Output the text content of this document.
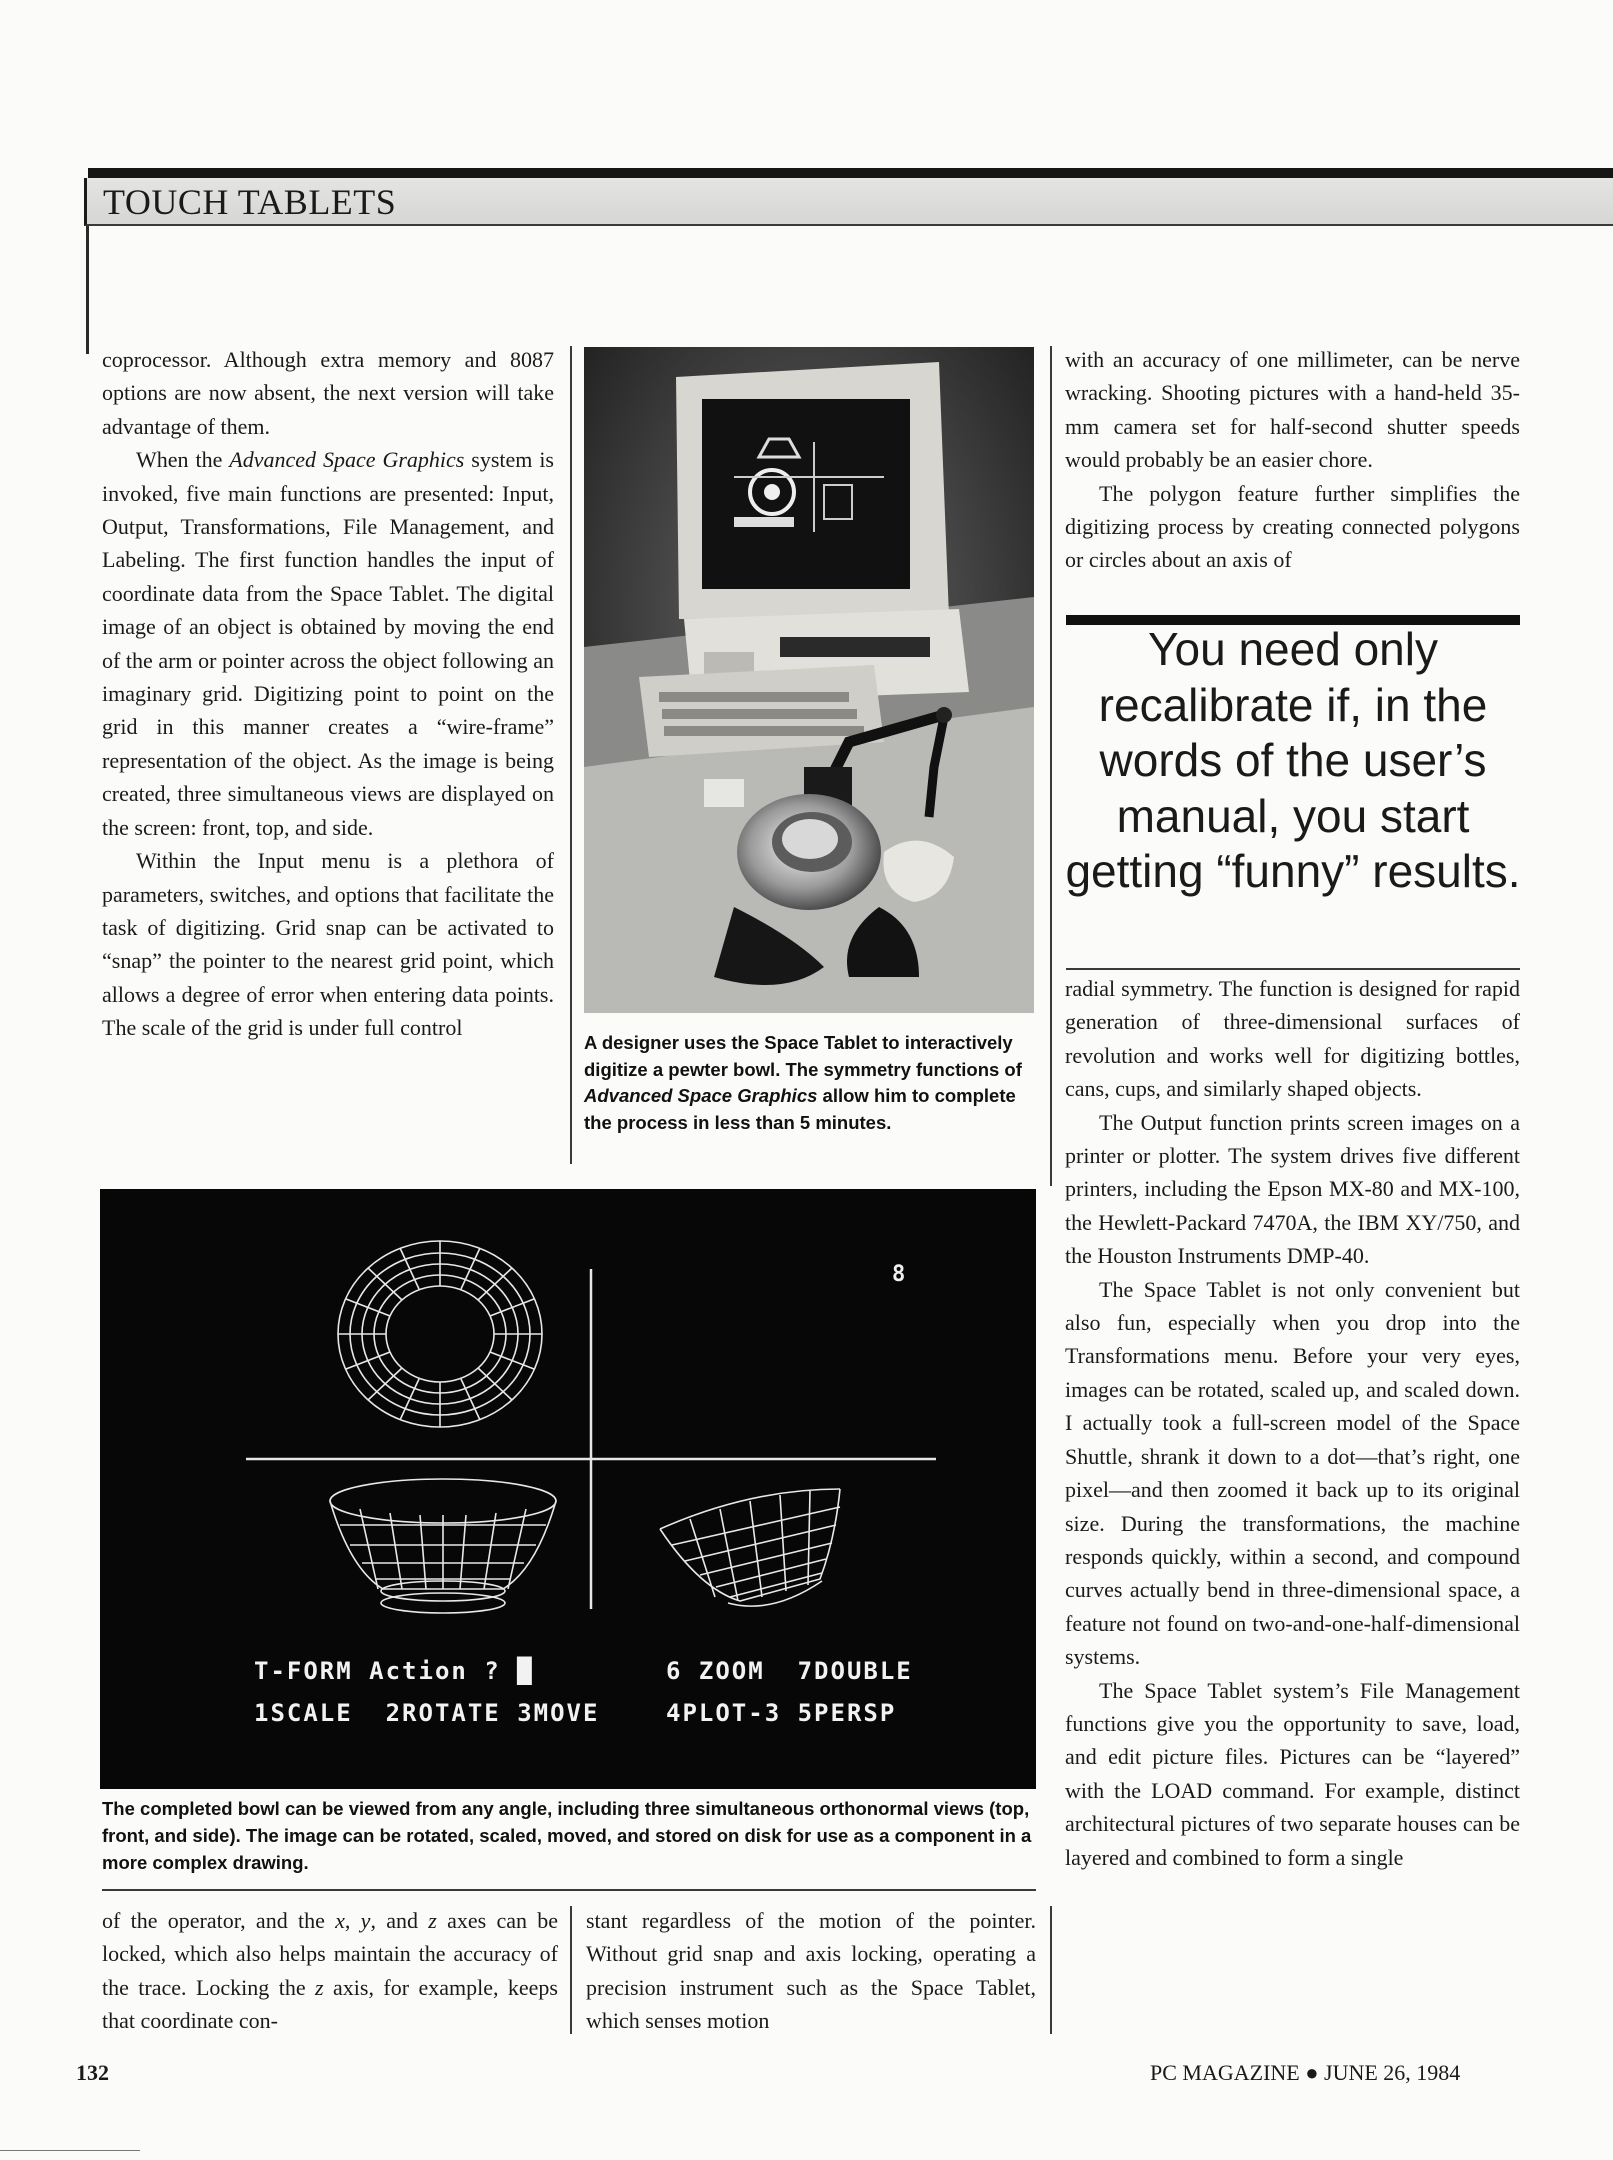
TOUCH TABLETS

coprocessor. Although extra memory and 8087 options are now absent, the next version will take advantage of them.

When the Advanced Space Graphics system is invoked, five main functions are presented: Input, Output, Transformations, File Management, and Labeling. The first function handles the input of coordinate data from the Space Tablet. The digital image of an object is obtained by moving the end of the arm or pointer across the object following an imaginary grid. Digitizing point to point on the grid in this manner creates a “wire-frame” representation of the object. As the image is being created, three simultaneous views are displayed on the screen: front, top, and side.

Within the Input menu is a plethora of parameters, switches, and options that facilitate the task of digitizing. Grid snap can be activated to “snap” the pointer to the nearest grid point, which allows a degree of error when entering data points. The scale of the grid is under full control

A designer uses the Space Tablet to interactively digitize a pewter bowl. The symmetry functions of Advanced Space Graphics allow him to complete the process in less than 5 minutes.

with an accuracy of one millimeter, can be nerve wracking. Shooting pictures with a hand-held 35-mm camera set for half-second shutter speeds would probably be an easier chore.

The polygon feature further simplifies the digitizing process by creating connected polygons or circles about an axis of

You need only recalibrate if, in the words of the user’s manual, you start getting “funny” results.

radial symmetry. The function is designed for rapid generation of three-dimensional surfaces of revolution and works well for digitizing bottles, cans, cups, and similarly shaped objects.

The Output function prints screen images on a printer or plotter. The system drives five different printers, including the Epson MX-80 and MX-100, the Hewlett-Packard 7470A, the IBM XY/750, and the Houston Instruments DMP-40.

The Space Tablet is not only convenient but also fun, especially when you drop into the Transformations menu. Before your very eyes, images can be rotated, scaled up, and scaled down. I actually took a full-screen model of the Space Shuttle, shrank it down to a dot—that’s right, one pixel—and then zoomed it back up to its original size. During the transformations, the machine responds quickly, within a second, and compound curves actually bend in three-dimensional space, a feature not found on two-and-one-half-dimensional systems.

The Space Tablet system’s File Management functions give you the opportunity to save, load, and edit picture files. Pictures can be “layered” with the LOAD command. For example, distinct architectural pictures of two separate houses can be layered and combined to form a single

8
T-FORM Action ? █	6 ZOOM  7DOUBLE
1SCALE  2ROTATE 3MOVE	4PLOT-3 5PERSP
The completed bowl can be viewed from any angle, including three simultaneous orthonormal views (top, front, and side). The image can be rotated, scaled, moved, and stored on disk for use as a component in a more complex drawing.

of the operator, and the x, y, and z axes can be locked, which also helps maintain the accuracy of the trace. Locking the z axis, for example, keeps that coordinate con-

stant regardless of the motion of the pointer. Without grid snap and axis locking, operating a precision instrument such as the Space Tablet, which senses motion

132	PC MAGAZINE ● JUNE 26, 1984
